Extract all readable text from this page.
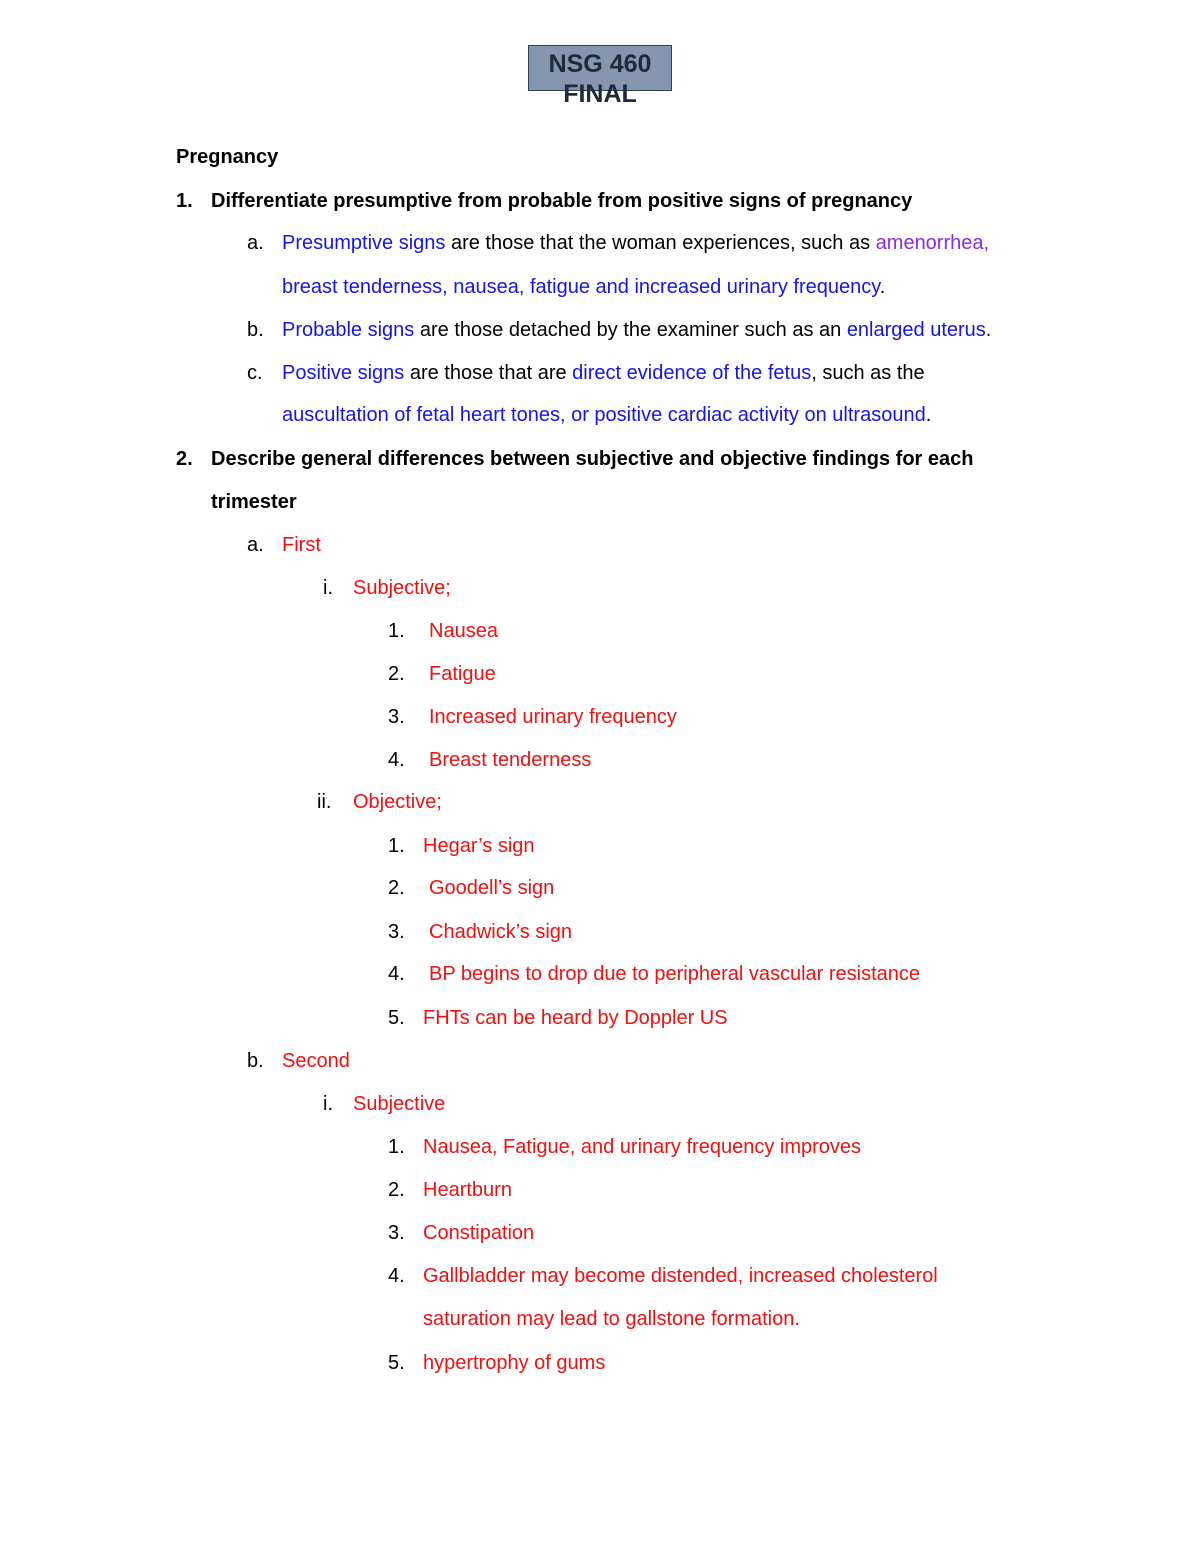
NSG 460
FINAL
Pregnancy
1. Differentiate presumptive from probable from positive signs of pregnancy
a. Presumptive signs are those that the woman experiences, such as amenorrhea,
breast tenderness, nausea, fatigue and increased urinary frequency.
b. Probable signs are those detached by the examiner such as an enlarged uterus.
c. Positive signs are those that are direct evidence of the fetus, such as the
auscultation of fetal heart tones, or positive cardiac activity on ultrasound.
2. Describe general differences between subjective and objective findings for each
trimester
a. First
i. Subjective;
1. Nausea
2. Fatigue
3. Increased urinary frequency
4. Breast tenderness
ii. Objective;
1. Hegar’s sign
2. Goodell’s sign
3. Chadwick’s sign
4. BP begins to drop due to peripheral vascular resistance
5. FHTs can be heard by Doppler US
b. Second
i. Subjective
1. Nausea, Fatigue, and urinary frequency improves
2. Heartburn
3. Constipation
4. Gallbladder may become distended, increased cholesterol
saturation may lead to gallstone formation.
5. hypertrophy of gums
